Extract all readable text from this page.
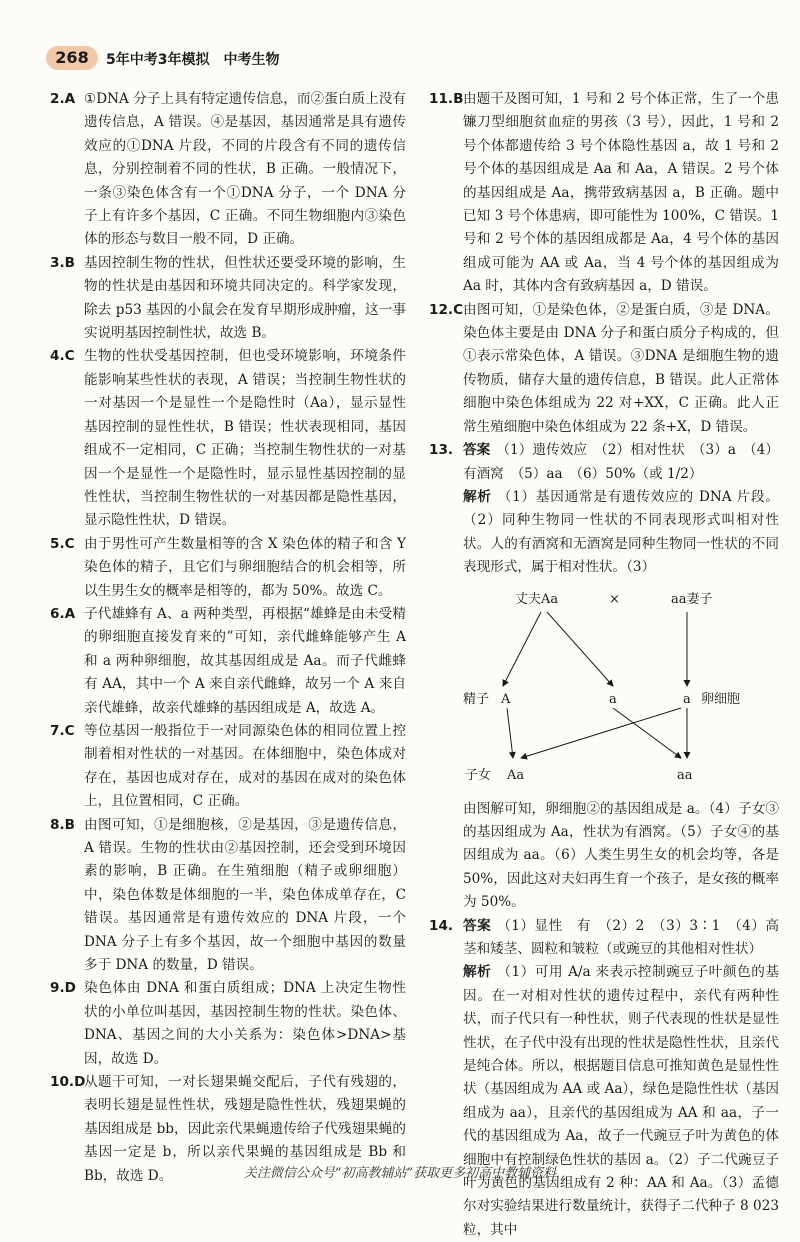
268	5年中考3年模拟　中考生物
2.A ①DNA 分子上具有特定遗传信息，而②蛋白质上没有遗传信息，A 错误。④是基因，基因通常是具有遗传效应的①DNA 片段，不同的片段含有不同的遗传信息，分别控制着不同的性状，B 正确。一般情况下，一条③染色体含有一个①DNA 分子，一个 DNA 分子上有许多个基因，C 正确。不同生物细胞内③染色体的形态与数目一般不同，D 正确。
3.B 基因控制生物的性状，但性状还要受环境的影响，生物的性状是由基因和环境共同决定的。科学家发现，除去 p53 基因的小鼠会在发育早期形成肿瘤，这一事实说明基因控制性状，故选 B。
4.C 生物的性状受基因控制，但也受环境影响，环境条件能影响某些性状的表现，A 错误；当控制生物性状的一对基因一个是显性一个是隐性时（Aa），显示显性基因控制的显性性状，B 错误；性状表现相同，基因组成不一定相同，C 正确；当控制生物性状的一对基因一个是显性一个是隐性时，显示显性基因控制的显性性状，当控制生物性状的一对基因都是隐性基因，显示隐性性状，D 错误。
5.C 由于男性可产生数量相等的含 X 染色体的精子和含 Y 染色体的精子，且它们与卵细胞结合的机会相等，所以生男生女的概率是相等的，都为 50%。故选 C。
6.A 子代雄蜂有 A、a 两种类型，再根据“雄蜂是由未受精的卵细胞直接发育来的”可知，亲代雌蜂能够产生 A 和 a 两种卵细胞，故其基因组成是 Aa。而子代雌蜂有 AA，其中一个 A 来自亲代雌蜂，故另一个 A 来自亲代雄蜂，故亲代雄蜂的基因组成是 A，故选 A。
7.C 等位基因一般指位于一对同源染色体的相同位置上控制着相对性状的一对基因。在体细胞中，染色体成对存在，基因也成对存在，成对的基因在成对的染色体上，且位置相同，C 正确。
8.B 由图可知，①是细胞核，②是基因，③是遗传信息，A 错误。生物的性状由②基因控制，还会受到环境因素的影响，B 正确。在生殖细胞（精子或卵细胞）中，染色体数是体细胞的一半，染色体成单存在，C 错误。基因通常是有遗传效应的 DNA 片段，一个 DNA 分子上有多个基因，故一个细胞中基因的数量多于 DNA 的数量，D 错误。
9.D 染色体由 DNA 和蛋白质组成；DNA 上决定生物性状的小单位叫基因，基因控制生物的性状。染色体、DNA、基因之间的大小关系为：染色体>DNA>基因，故选 D。
10.D
从题干可知，一对长翅果蝇交配后，子代有残翅的，表明长翅是显性性状，残翅是隐性性状，残翅果蝇的基因组成是 bb，因此亲代果蝇遗传给子代残翅果蝇的基因一定是 b，所以亲代果蝇的基因组成是 Bb 和 Bb，故选 D。
11.B 由题干及图可知，1 号和 2 号个体正常，生了一个患镰刀型细胞贫血症的男孩（3 号），因此，1 号和 2 号个体都遗传给 3 号个体隐性基因 a，故 1 号和 2 号个体的基因组成是 Aa 和 Aa，A 错误。2 号个体的基因组成是 Aa，携带致病基因 a，B 正确。题中已知 3 号个体患病，即可能性为 100%，C 错误。1 号和 2 号个体的基因组成都是 Aa，4 号个体的基因组成可能为 AA 或 Aa，当 4 号个体的基因组成为 Aa 时，其体内含有致病基因 a，D 错误。
12.C 由图可知，①是染色体，②是蛋白质，③是 DNA。染色体主要是由 DNA 分子和蛋白质分子构成的，但①表示常染色体，A 错误。③DNA 是细胞生物的遗传物质，储存大量的遗传信息，B 错误。此人正常体细胞中染色体组成为 22 对+XX，C 正确。此人正常生殖细胞中染色体组成为 22 条+X，D 错误。
13. 答案 （1）遗传效应　（2）相对性状　（3）a　（4）有酒窝　（5）aa　（6）50%（或 1/2）
解析 （1）基因通常是有遗传效应的 DNA 片段。（2）同种生物同一性状的不同表现形式叫相对性状。人的有酒窝和无酒窝是同种生物同一性状的不同表现形式，属于相对性状。（3）
丈夫Aa	×	aa妻子
精子 A	a	a 卵细胞
子女 Aa	aa
由图解可知，卵细胞②的基因组成是 a。（4）子女③的基因组成为 Aa，性状为有酒窝。（5）子女④的基因组成为 aa。（6）人类生男生女的机会均等，各是 50%，因此这对夫妇再生育一个孩子，是女孩的概率为 50%。
14. 答案 （1）显性　有　（2）2　（3）3∶1　（4）高茎和矮茎、圆粒和皱粒（或豌豆的其他相对性状）
解析 （1）可用 A/a 来表示控制豌豆子叶颜色的基因。在一对相对性状的遗传过程中，亲代有两种性状，而子代只有一种性状，则子代表现的性状是显性性状，在子代中没有出现的性状是隐性性状，且亲代是纯合体。所以，根据题目信息可推知黄色是显性性状（基因组成为 AA 或 Aa），绿色是隐性性状（基因组成为 aa），且亲代的基因组成为 AA 和 aa，子一代的基因组成为 Aa，故子一代豌豆子叶为黄色的体细胞中有控制绿色性状的基因 a。（2）子二代豌豆子叶为黄色的基因组成有 2 种：AA 和 Aa。（3）孟德尔对实验结果进行数量统计，获得子二代种子 8 023 粒，其中
关注微信公众号“初高教辅站”获取更多初高中教辅资料
